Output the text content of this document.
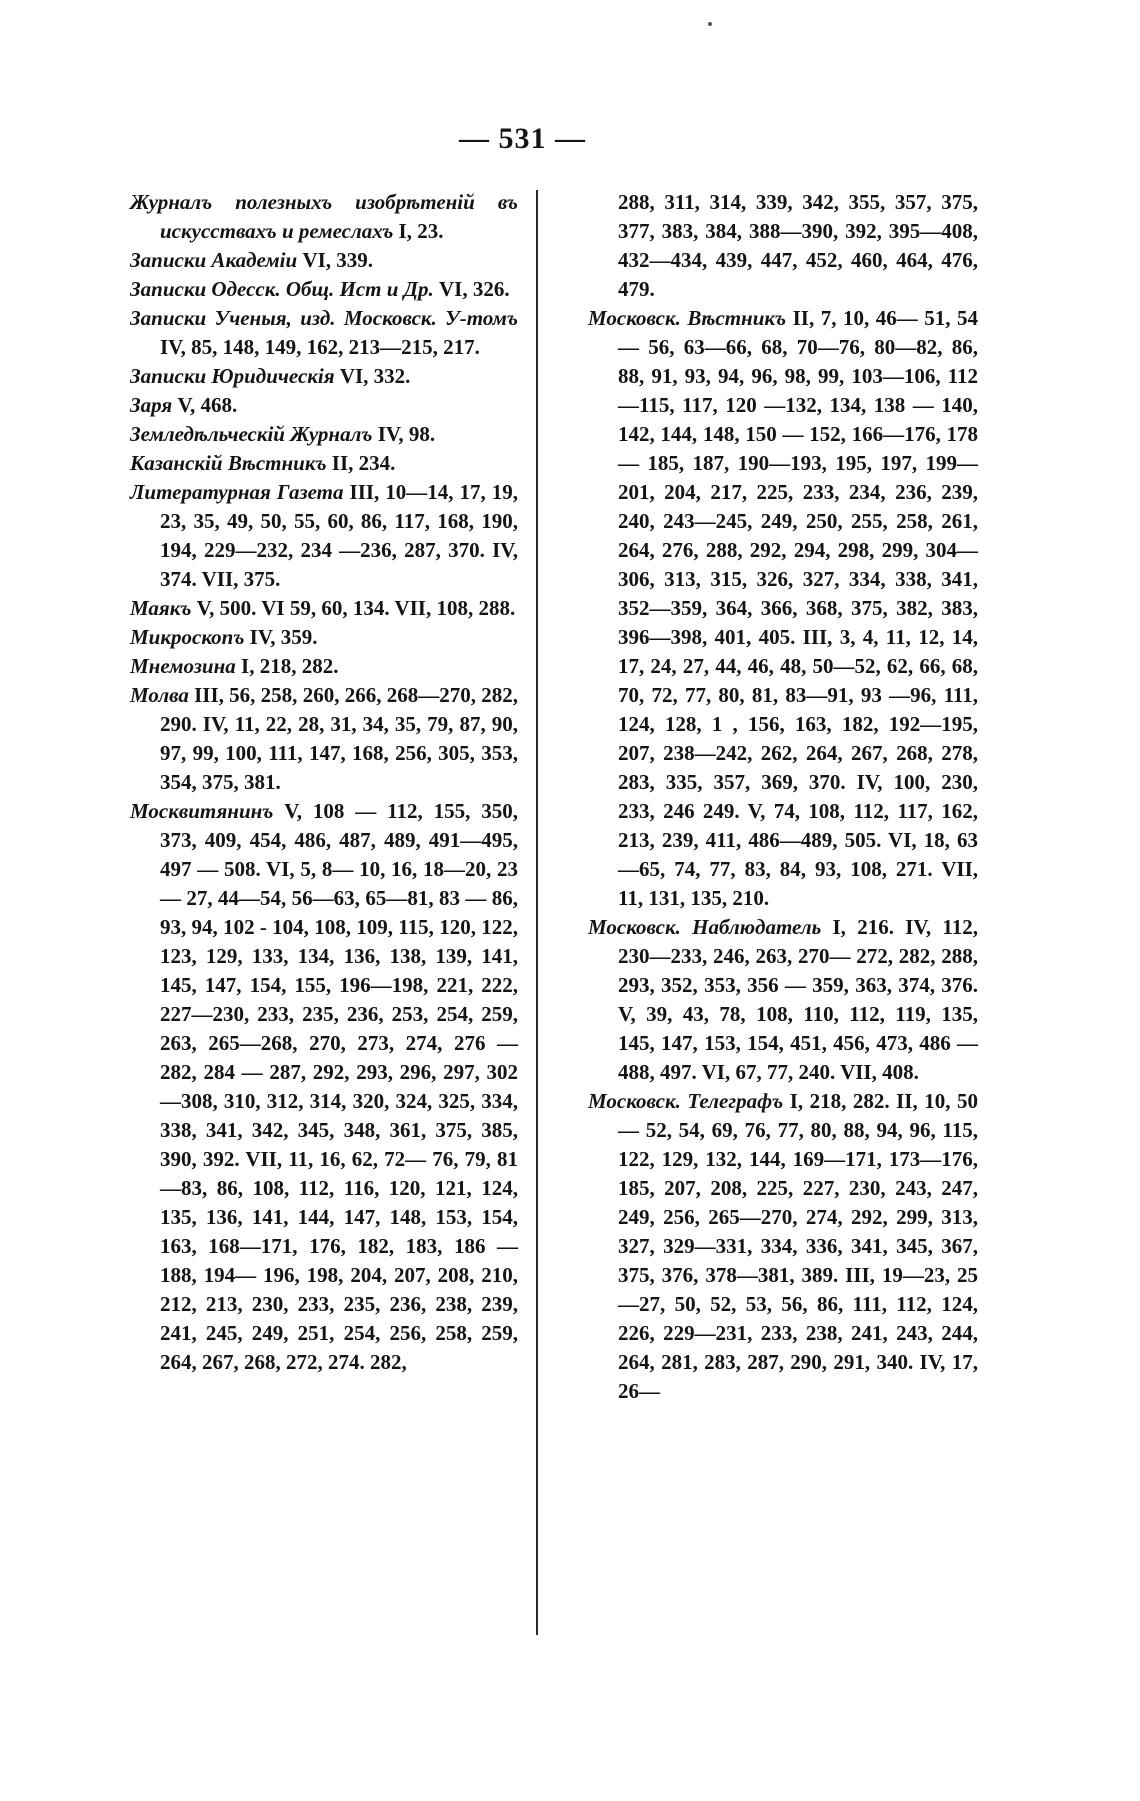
— 531 —
Журналъ полезныхъ изобрѣтеній въ искусствахъ и ремеслахъ I, 23.
Записки Академіи VI, 339.
Записки Одесск. Общ. Ист и Др. VI, 326.
Записки Ученыя, изд. Московск. У-томъ IV, 85, 148, 149, 162, 213—215, 217.
Записки Юридическія VI, 332.
Заря V, 468.
Земледѣльческій Журналъ IV, 98.
Казанскій Вѣстникъ II, 234.
Литературная Газета III, 10—14, 17, 19, 23, 35, 49, 50, 55, 60, 86, 117, 168, 190, 194, 229—232, 234 —236, 287, 370. IV, 374. VII, 375.
Маякъ V, 500. VI 59, 60, 134. VII, 108, 288.
Микроскопъ IV, 359.
Мнемозина I, 218, 282.
Молва III, 56, 258, 260, 266, 268—270, 282, 290. IV, 11, 22, 28, 31, 34, 35, 79, 87, 90, 97, 99, 100, 111, 147, 168, 256, 305, 353, 354, 375, 381.
Москвитянинъ V, 108 — 112, 155, 350, 373, 409, 454, 486, 487, 489, 491—495, 497 — 508. VI, 5, 8— 10, 16, 18—20, 23 — 27, 44—54, 56—63, 65—81, 83 — 86, 93, 94, 102 - 104, 108, 109, 115, 120, 122, 123, 129, 133, 134, 136, 138, 139, 141, 145, 147, 154, 155, 196—198, 221, 222, 227—230, 233, 235, 236, 253, 254, 259, 263, 265—268, 270, 273, 274, 276 — 282, 284 — 287, 292, 293, 296, 297, 302—308, 310, 312, 314, 320, 324, 325, 334, 338, 341, 342, 345, 348, 361, 375, 385, 390, 392. VII, 11, 16, 62, 72— 76, 79, 81—83, 86, 108, 112, 116, 120, 121, 124, 135, 136, 141, 144, 147, 148, 153, 154, 163, 168—171, 176, 182, 183, 186 — 188, 194— 196, 198, 204, 207, 208, 210, 212, 213, 230, 233, 235, 236, 238, 239, 241, 245, 249, 251, 254, 256, 258, 259, 264, 267, 268, 272, 274. 282,
288, 311, 314, 339, 342, 355, 357, 375, 377, 383, 384, 388—390, 392, 395—408, 432—434, 439, 447, 452, 460, 464, 476, 479.
Московск. Вѣстникъ II, 7, 10, 46— 51, 54 — 56, 63—66, 68, 70—76, 80—82, 86, 88, 91, 93, 94, 96, 98, 99, 103—106, 112—115, 117, 120 —132, 134, 138 — 140, 142, 144, 148, 150 — 152, 166—176, 178— 185, 187, 190—193, 195, 197, 199— 201, 204, 217, 225, 233, 234, 236, 239, 240, 243—245, 249, 250, 255, 258, 261, 264, 276, 288, 292, 294, 298, 299, 304—306, 313, 315, 326, 327, 334, 338, 341, 352—359, 364, 366, 368, 375, 382, 383, 396—398, 401, 405. III, 3, 4, 11, 12, 14, 17, 24, 27, 44, 46, 48, 50—52, 62, 66, 68, 70, 72, 77, 80, 81, 83—91, 93 —96, 111, 124, 128, 1 , 156, 163, 182, 192—195, 207, 238—242, 262, 264, 267, 268, 278, 283, 335, 357, 369, 370. IV, 100, 230, 233, 246 249. V, 74, 108, 112, 117, 162, 213, 239, 411, 486—489, 505. VI, 18, 63—65, 74, 77, 83, 84, 93, 108, 271. VII, 11, 131, 135, 210.
Московск. Наблюдатель I, 216. IV, 112, 230—233, 246, 263, 270— 272, 282, 288, 293, 352, 353, 356 — 359, 363, 374, 376. V, 39, 43, 78, 108, 110, 112, 119, 135, 145, 147, 153, 154, 451, 456, 473, 486 — 488, 497. VI, 67, 77, 240. VII, 408.
Московск. Телеграфъ I, 218, 282. II, 10, 50 — 52, 54, 69, 76, 77, 80, 88, 94, 96, 115, 122, 129, 132, 144, 169—171, 173—176, 185, 207, 208, 225, 227, 230, 243, 247, 249, 256, 265—270, 274, 292, 299, 313, 327, 329—331, 334, 336, 341, 345, 367, 375, 376, 378—381, 389. III, 19—23, 25—27, 50, 52, 53, 56, 86, 111, 112, 124, 226, 229—231, 233, 238, 241, 243, 244, 264, 281, 283, 287, 290, 291, 340. IV, 17, 26—
